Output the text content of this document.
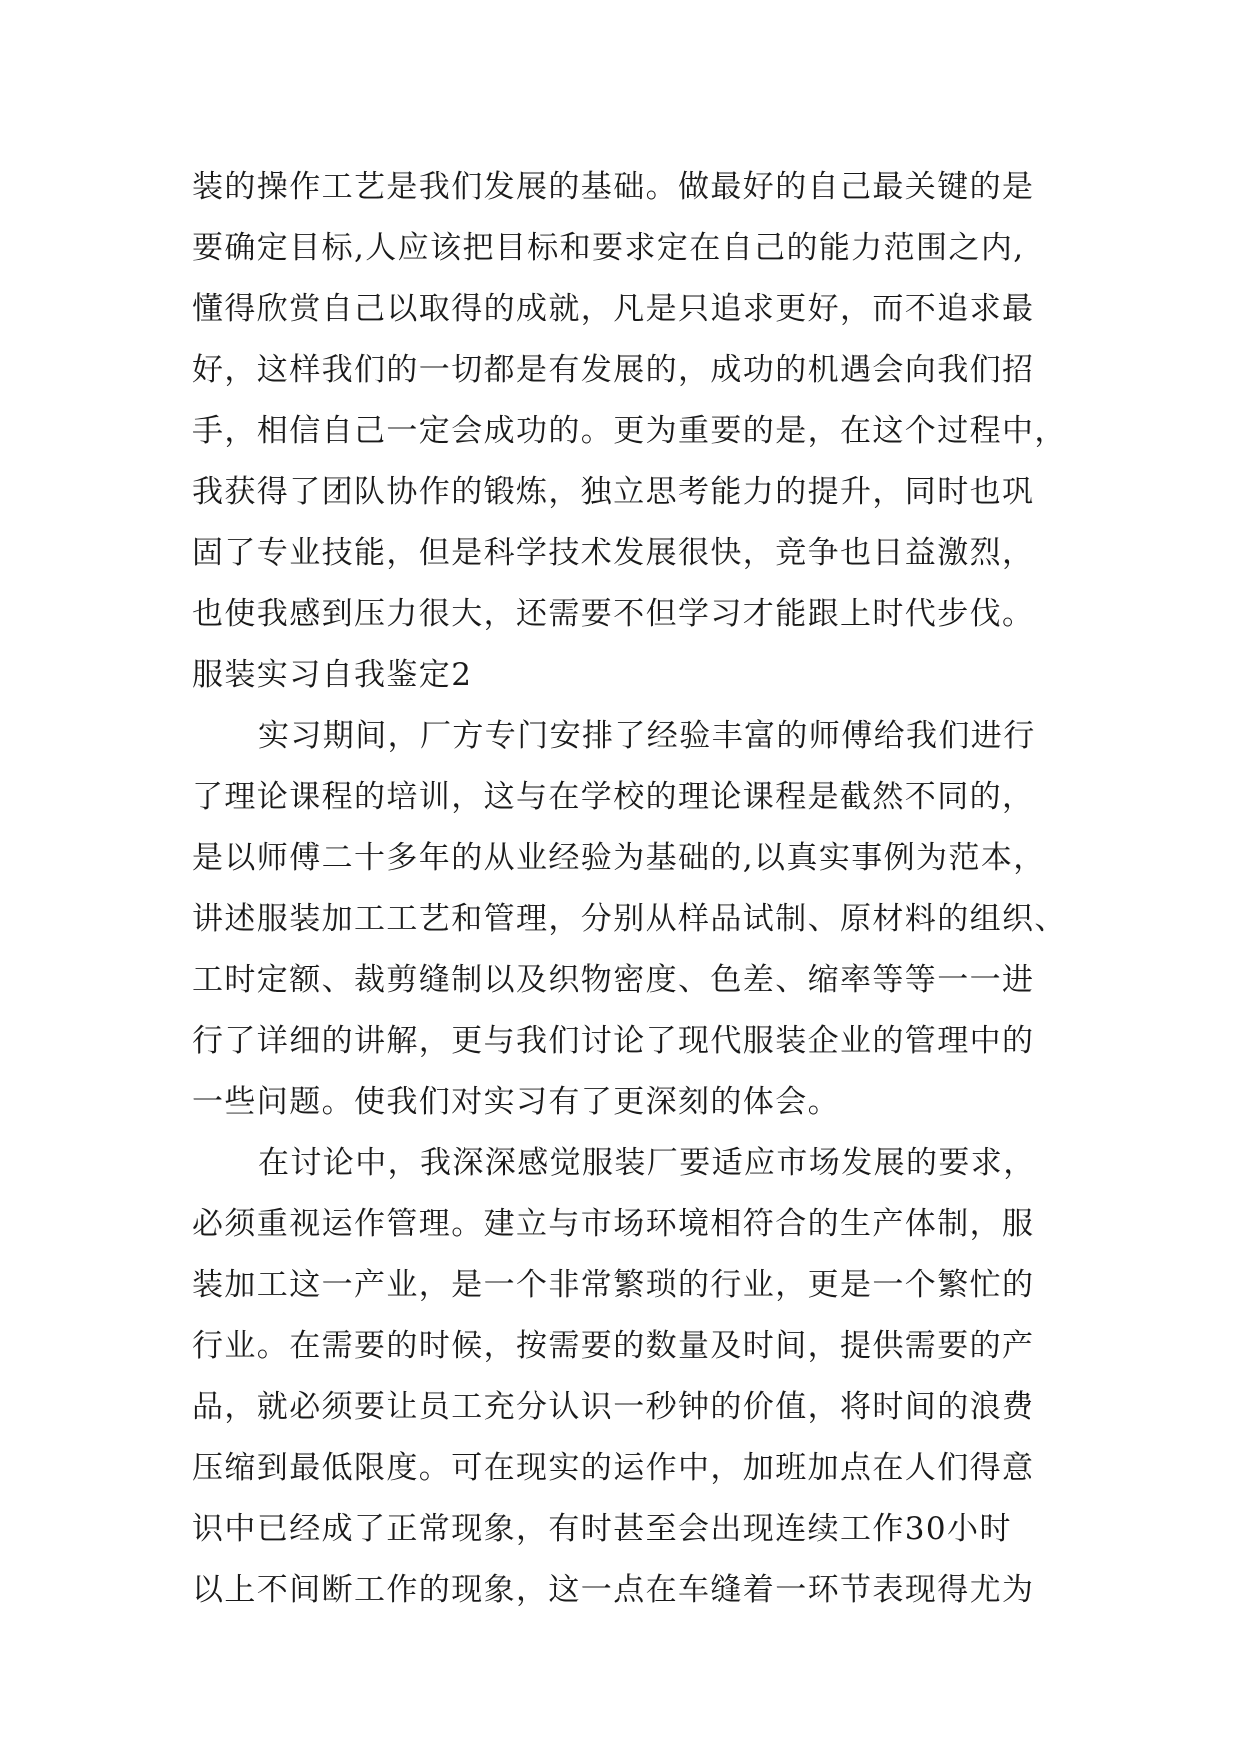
装的操作工艺是我们发展的基础。做最好的自己最关键的是
要确定目标,人应该把目标和要求定在自己的能力范围之内,
懂得欣赏自己以取得的成就，凡是只追求更好，而不追求最
好，这样我们的一切都是有发展的，成功的机遇会向我们招
手，相信自己一定会成功的。更为重要的是，在这个过程中，
我获得了团队协作的锻炼，独立思考能力的提升，同时也巩
固了专业技能，但是科学技术发展很快，竞争也日益激烈，
也使我感到压力很大，还需要不但学习才能跟上时代步伐。
服装实习自我鉴定2
实习期间，厂方专门安排了经验丰富的师傅给我们进行
了理论课程的培训，这与在学校的理论课程是截然不同的，
是以师傅二十多年的从业经验为基础的,以真实事例为范本，
讲述服装加工工艺和管理，分别从样品试制、原材料的组织、
工时定额、裁剪缝制以及织物密度、色差、缩率等等一一进
行了详细的讲解，更与我们讨论了现代服装企业的管理中的
一些问题。使我们对实习有了更深刻的体会。
在讨论中，我深深感觉服装厂要适应市场发展的要求，
必须重视运作管理。建立与市场环境相符合的生产体制，服
装加工这一产业，是一个非常繁琐的行业，更是一个繁忙的
行业。在需要的时候，按需要的数量及时间，提供需要的产
品，就必须要让员工充分认识一秒钟的价值，将时间的浪费
压缩到最低限度。可在现实的运作中，加班加点在人们得意
识中已经成了正常现象，有时甚至会出现连续工作30小时
以上不间断工作的现象，这一点在车缝着一环节表现得尤为
